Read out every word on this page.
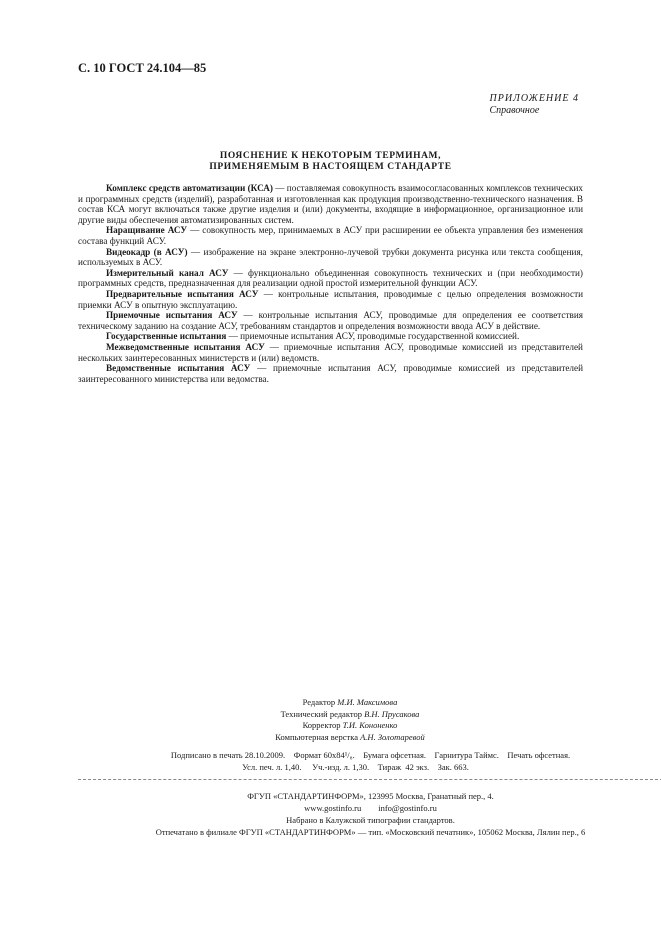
С. 10 ГОСТ 24.104—85
ПРИЛОЖЕНИЕ 4
Справочное
ПОЯСНЕНИЕ К НЕКОТОРЫМ ТЕРМИНАМ,
ПРИМЕНЯЕМЫМ В НАСТОЯЩЕМ СТАНДАРТЕ

Комплекс средств автоматизации (КСА) — поставляемая совокупность взаимосогласованных комплексов технических и программных средств (изделий), разработанная и изготовленная как продукция производственно-технического назначения. В состав КСА могут включаться также другие изделия и (или) документы, входящие в информационное, организационное или другие виды обеспечения автоматизированных систем.

Наращивание АСУ — совокупность мер, принимаемых в АСУ при расширении ее объекта управления без изменения состава функций АСУ.

Видеокадр (в АСУ) — изображение на экране электронно-лучевой трубки документа рисунка или текста сообщения, используемых в АСУ.

Измерительный канал АСУ — функционально объединенная совокупность технических и (при необходимости) программных средств, предназначенная для реализации одной простой измерительной функции АСУ.

Предварительные испытания АСУ — контрольные испытания, проводимые с целью определения возможности приемки АСУ в опытную эксплуатацию.

Приемочные испытания АСУ — контрольные испытания АСУ, проводимые для определения ее соответствия техническому заданию на создание АСУ, требованиям стандартов и определения возможности ввода АСУ в действие.

Государственные испытания — приемочные испытания АСУ, проводимые государственной комиссией.

Межведомственные испытания АСУ — приемочные испытания АСУ, проводимые комиссией из представителей нескольких заинтересованных министерств и (или) ведомств.

Ведомственные испытания АСУ — приемочные испытания АСУ, проводимые комиссией из представителей заинтересованного министерства или ведомства.

Редактор М.И. Максимова
Технический редактор В.Н. Прусакова
Корректор Т.И. Кононенко
Компьютерная верстка А.Н. Золотаревой
Подписано в печать 28.10.2009.    Формат 60х84¹/₈.    Бумага офсетная.    Гарнитура Таймс.    Печать офсетная.
Усл. печ. л. 1,40.     Уч.-изд. л. 1,30.    Тираж  42 экз.    Зак. 663.
ФГУП «СТАНДАРТИНФОРМ», 123995 Москва, Гранатный пер., 4.
www.gostinfo.ru        info@gostinfo.ru
Набрано в Калужской типографии стандартов.
Отпечатано в филиале ФГУП «СТАНДАРТИНФОРМ» — тип. «Московский печатник», 105062 Москва, Лялин пер., 6
